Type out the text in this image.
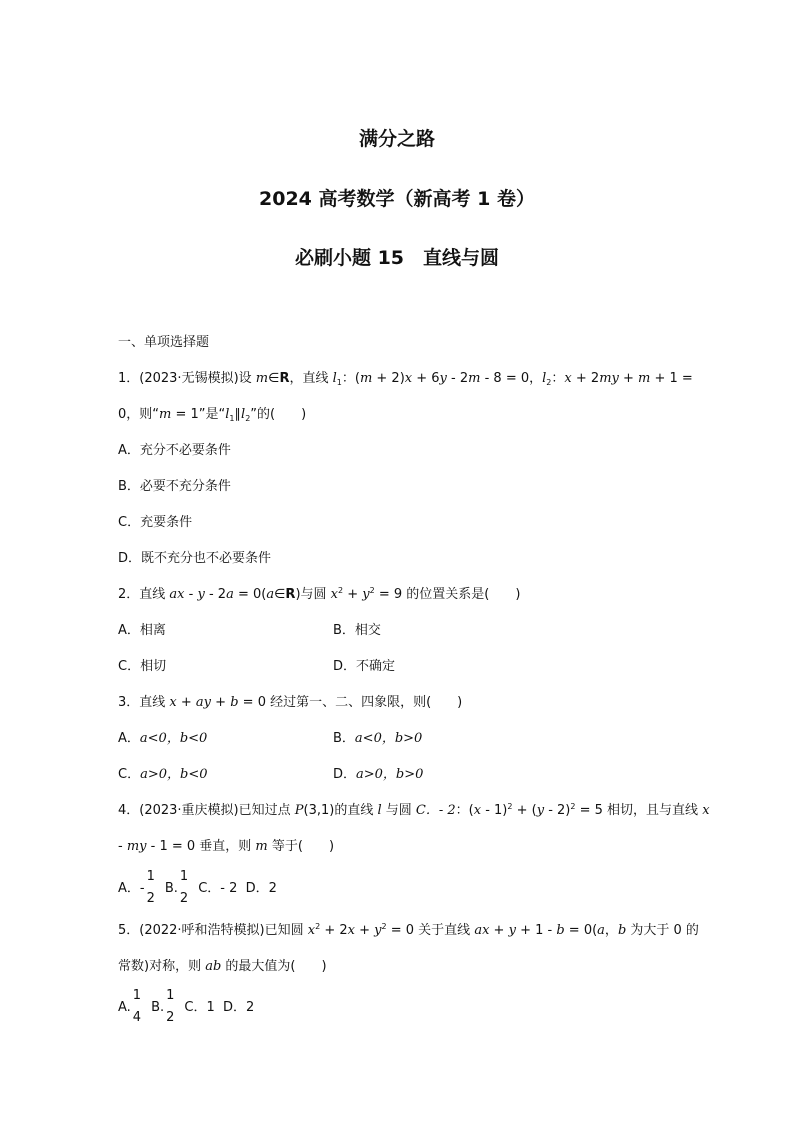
满分之路
2024 高考数学（新高考 1 卷）
必刷小题 15　直线与圆
一、单项选择题
1．(2023·无锡模拟)设 m∈R，直线 $l_1$：(m + 2)x + 6y - 2m - 8 = 0，$l_2$：x + 2my + m + 1 =
0，则“m = 1”是“$l_1\parallel l_2$”的(　　)
A．充分不必要条件
B．必要不充分条件
C．充要条件
D．既不充分也不必要条件
2．直线 ax - y - 2a = 0(a∈R)与圆 $x^2 + y^2 = 9$ 的位置关系是(　　)
A．相离	B．相交
C．相切	D．不确定
3．直线 x + ay + b = 0 经过第一、二、四象限，则(　　)
A．a<0，b<0	B．a<0，b>0
C．a>0，b<0	D．a>0，b>0
4．(2023·重庆模拟)已知过点 P(3,1)的直线 l 与圆 C．- 2：(x - 1)$^2$ + (y - 2)$^2$ = 5 相切，且与直线 x
- my - 1 = 0 垂直，则 m 等于(　　)
A．-
1
2
B.
1
2
C．- 2 D．2
5．(2022·呼和浩特模拟)已知圆 $x^2 + 2x + y^2 = 0$ 关于直线 ax + y + 1 - b = 0(a，b 为大于 0 的
常数)对称，则 ab 的最大值为(　　)
A.
1
4
B.
1
2
C．1 D．2
